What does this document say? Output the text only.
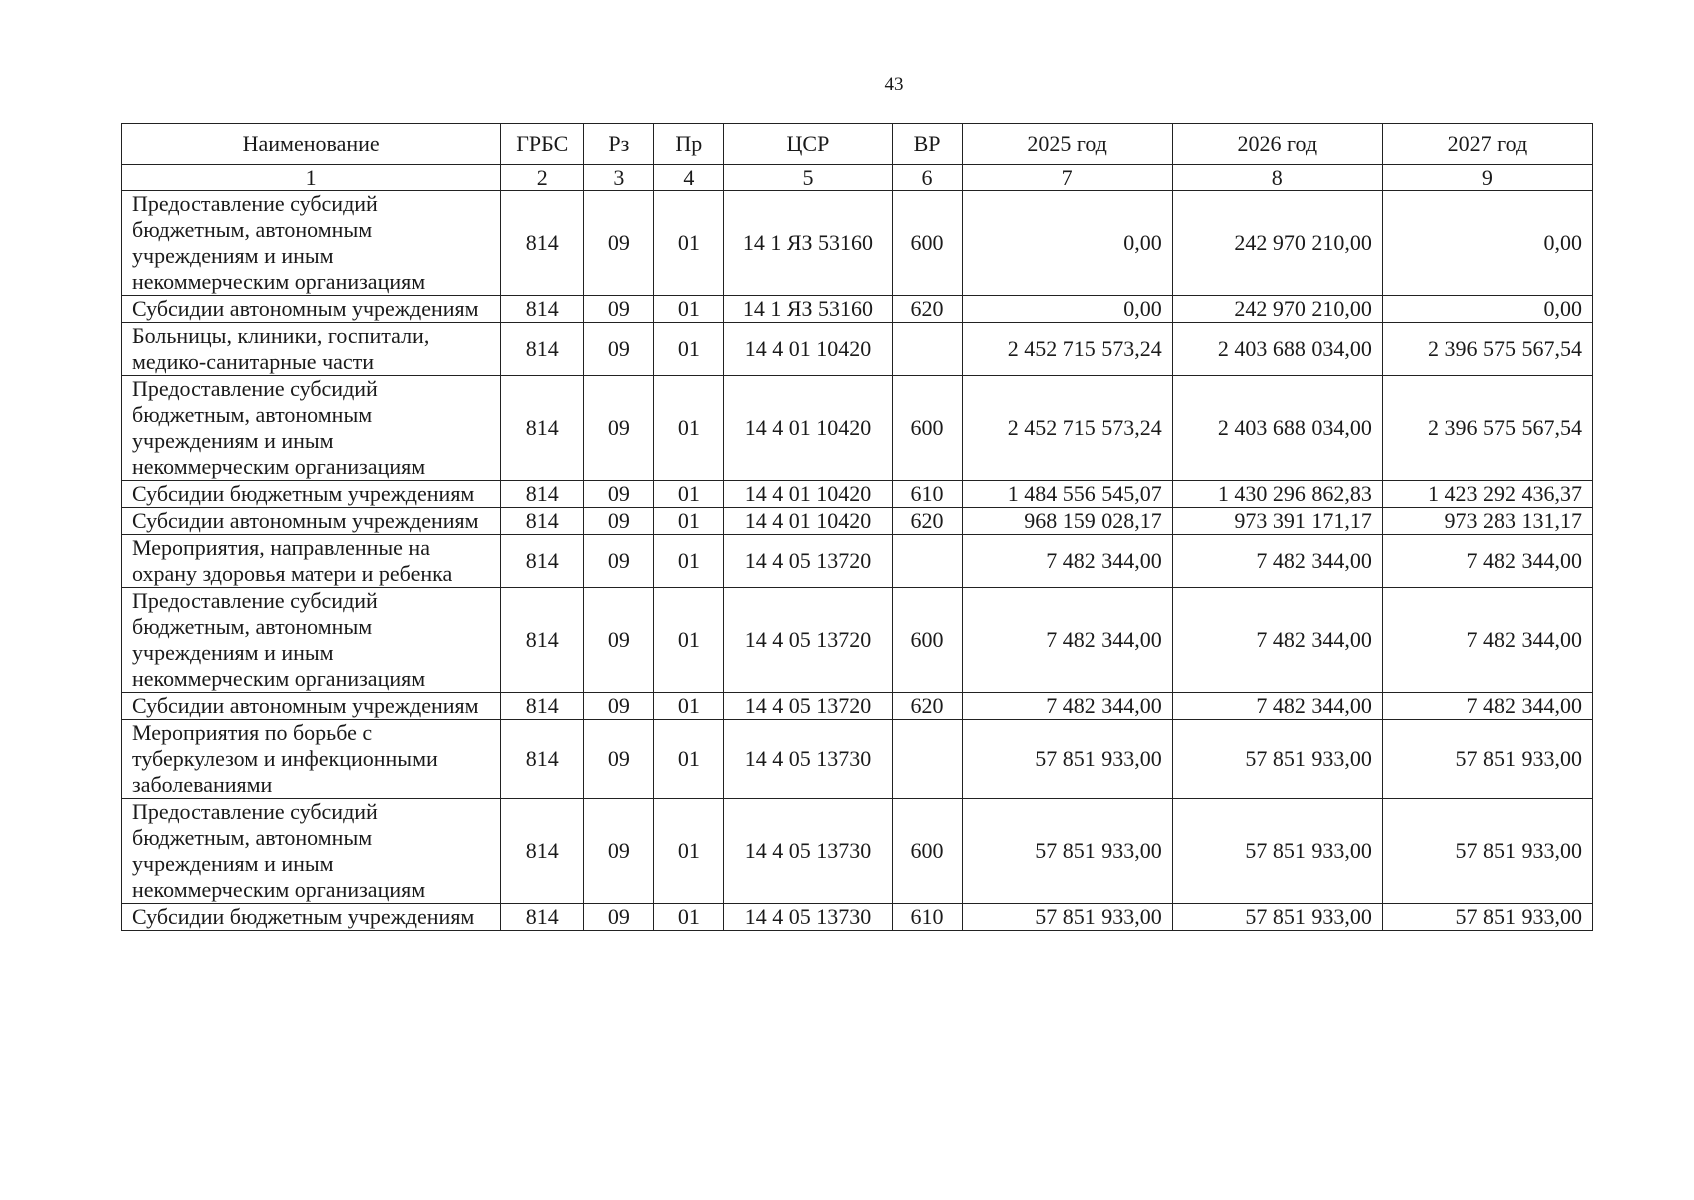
43
Наименование	ГРБС	Рз	Пр	ЦСР	ВР	2025 год	2026 год	2027 год
1	2	3	4	5	6	7	8	9
Предоставление субсидий бюджетным, автономным учреждениям и иным некоммерческим организациям	814	09	01	14 1 ЯЗ 53160	600	0,00	242 970 210,00	0,00
Субсидии автономным учреждениям	814	09	01	14 1 ЯЗ 53160	620	0,00	242 970 210,00	0,00
Больницы, клиники, госпитали, медико-санитарные части	814	09	01	14 4 01 10420		2 452 715 573,24	2 403 688 034,00	2 396 575 567,54
Предоставление субсидий бюджетным, автономным учреждениям и иным некоммерческим организациям	814	09	01	14 4 01 10420	600	2 452 715 573,24	2 403 688 034,00	2 396 575 567,54
Субсидии бюджетным учреждениям	814	09	01	14 4 01 10420	610	1 484 556 545,07	1 430 296 862,83	1 423 292 436,37
Субсидии автономным учреждениям	814	09	01	14 4 01 10420	620	968 159 028,17	973 391 171,17	973 283 131,17
Мероприятия, направленные на охрану здоровья матери и ребенка	814	09	01	14 4 05 13720		7 482 344,00	7 482 344,00	7 482 344,00
Предоставление субсидий бюджетным, автономным учреждениям и иным некоммерческим организациям	814	09	01	14 4 05 13720	600	7 482 344,00	7 482 344,00	7 482 344,00
Субсидии автономным учреждениям	814	09	01	14 4 05 13720	620	7 482 344,00	7 482 344,00	7 482 344,00
Мероприятия по борьбе с туберкулезом и инфекционными заболеваниями	814	09	01	14 4 05 13730		57 851 933,00	57 851 933,00	57 851 933,00
Предоставление субсидий бюджетным, автономным учреждениям и иным некоммерческим организациям	814	09	01	14 4 05 13730	600	57 851 933,00	57 851 933,00	57 851 933,00
Субсидии бюджетным учреждениям	814	09	01	14 4 05 13730	610	57 851 933,00	57 851 933,00	57 851 933,00
